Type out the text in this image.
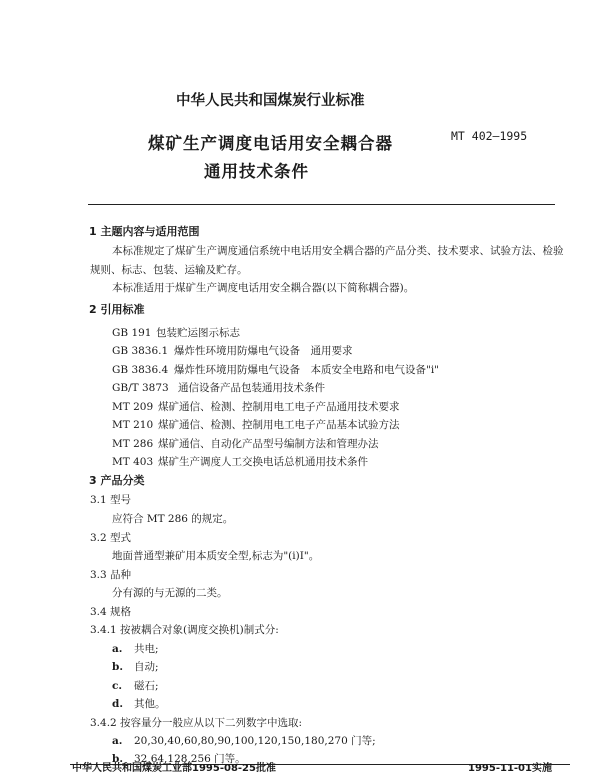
中华人民共和国煤炭行业标准
煤矿生产调度电话用安全耦合器
通用技术条件
MT 402—1995
1 主题内容与适用范围
本标准规定了煤矿生产调度通信系统中电话用安全耦合器的产品分类、技术要求、试验方法、检验
规则、标志、包装、运输及贮存。
本标准适用于煤矿生产调度电话用安全耦合器(以下简称耦合器)。
2 引用标准
GB 191 包装贮运图示标志
GB 3836.1 爆炸性环境用防爆电气设备　通用要求
GB 3836.4 爆炸性环境用防爆电气设备　本质安全电路和电气设备"i"
GB/T 3873 通信设备产品包装通用技术条件
MT 209 煤矿通信、检测、控制用电工电子产品通用技术要求
MT 210 煤矿通信、检测、控制用电工电子产品基本试验方法
MT 286 煤矿通信、自动化产品型号编制方法和管理办法
MT 403 煤矿生产调度人工交换电话总机通用技术条件
3 产品分类
3.1 型号
应符合 MT 286 的规定。
3.2 型式
地面普通型兼矿用本质安全型,标志为"(i)I"。
3.3 品种
分有源的与无源的二类。
3.4 规格
3.4.1 按被耦合对象(调度交换机)制式分:
a. 共电;
b. 自动;
c. 磁石;
d. 其他。
3.4.2 按容量分一般应从以下二列数字中选取:
a. 20,30,40,60,80,90,100,120,150,180,270 门等;
b. 32,64,128,256 门等。
中华人民共和国煤炭工业部1995-08-25批准	1995-11-01实施
